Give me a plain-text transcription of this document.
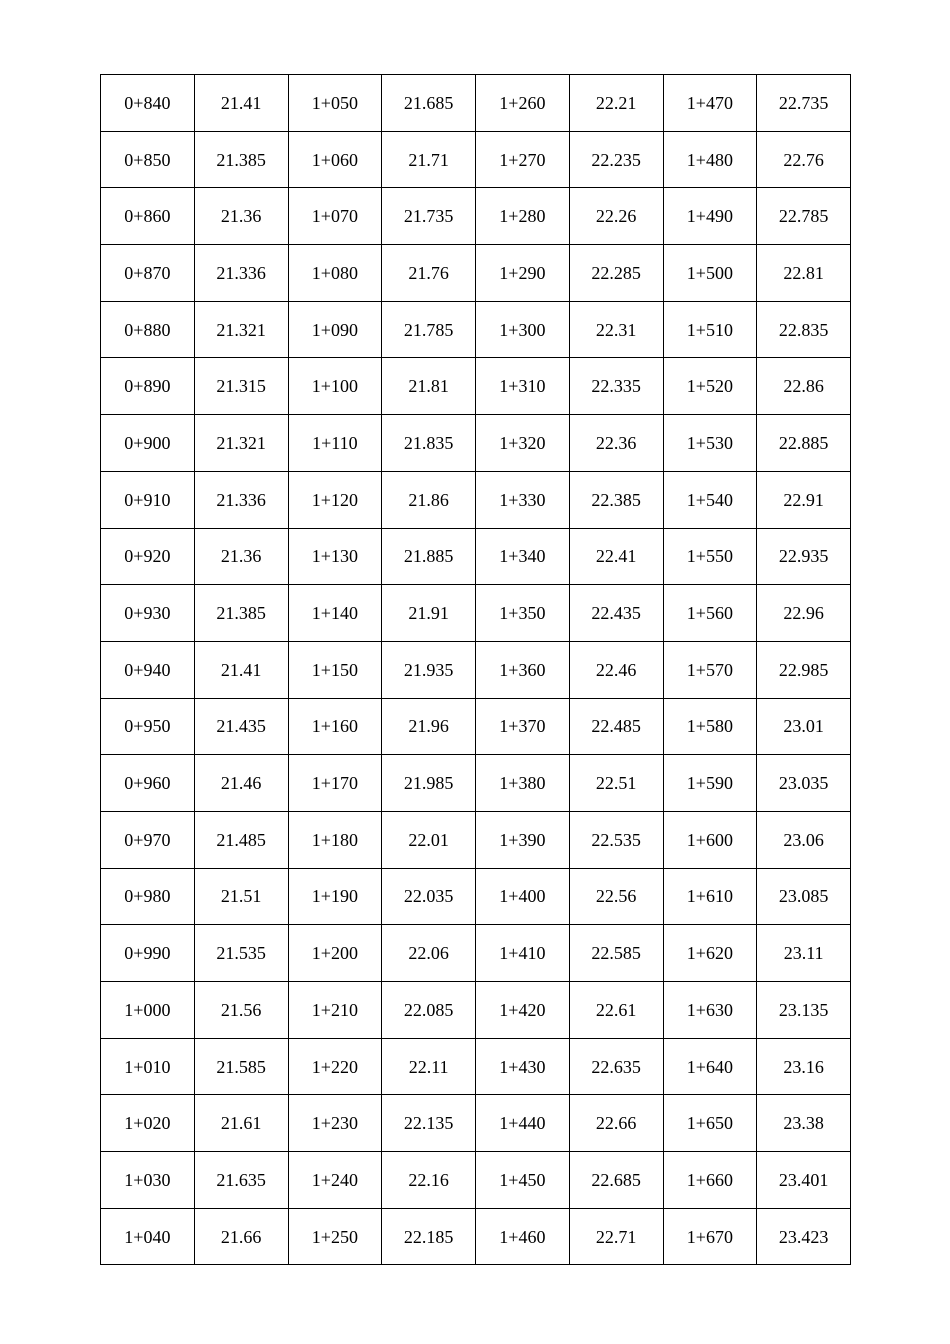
0+840	21.41	1+050	21.685	1+260	22.21	1+470	22.735
0+850	21.385	1+060	21.71	1+270	22.235	1+480	22.76
0+860	21.36	1+070	21.735	1+280	22.26	1+490	22.785
0+870	21.336	1+080	21.76	1+290	22.285	1+500	22.81
0+880	21.321	1+090	21.785	1+300	22.31	1+510	22.835
0+890	21.315	1+100	21.81	1+310	22.335	1+520	22.86
0+900	21.321	1+110	21.835	1+320	22.36	1+530	22.885
0+910	21.336	1+120	21.86	1+330	22.385	1+540	22.91
0+920	21.36	1+130	21.885	1+340	22.41	1+550	22.935
0+930	21.385	1+140	21.91	1+350	22.435	1+560	22.96
0+940	21.41	1+150	21.935	1+360	22.46	1+570	22.985
0+950	21.435	1+160	21.96	1+370	22.485	1+580	23.01
0+960	21.46	1+170	21.985	1+380	22.51	1+590	23.035
0+970	21.485	1+180	22.01	1+390	22.535	1+600	23.06
0+980	21.51	1+190	22.035	1+400	22.56	1+610	23.085
0+990	21.535	1+200	22.06	1+410	22.585	1+620	23.11
1+000	21.56	1+210	22.085	1+420	22.61	1+630	23.135
1+010	21.585	1+220	22.11	1+430	22.635	1+640	23.16
1+020	21.61	1+230	22.135	1+440	22.66	1+650	23.38
1+030	21.635	1+240	22.16	1+450	22.685	1+660	23.401
1+040	21.66	1+250	22.185	1+460	22.71	1+670	23.423
